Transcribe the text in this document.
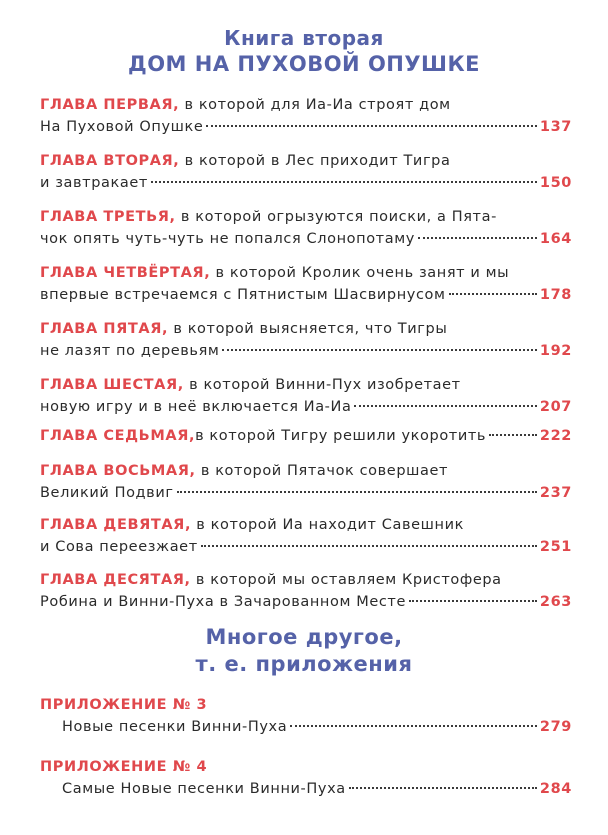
Книга вторая
ДОМ НА ПУХОВОЙ ОПУШКЕ
ГЛАВА ПЕРВАЯ, в которой для Иа-Иа строят дом
На Пуховой Опушке	137
ГЛАВА ВТОРАЯ, в которой в Лес приходит Тигра
и завтракает	150
ГЛАВА ТРЕТЬЯ, в которой огрызуются поиски, а Пята-
чок опять чуть-чуть не попался Слонопотаму	164
ГЛАВА ЧЕТВЁРТАЯ, в которой Кролик очень занят и мы
впервые встречаемся с Пятнистым Шасвирнусом	178
ГЛАВА ПЯТАЯ, в которой выясняется, что Тигры
не лазят по деревьям	192
ГЛАВА ШЕСТАЯ, в которой Винни-Пух изобретает
новую игру и в неё включается Иа-Иа	207
ГЛАВА СЕДЬМАЯ, в которой Тигру решили укоротить	222
ГЛАВА ВОСЬМАЯ, в которой Пятачок совершает
Великий Подвиг	237
ГЛАВА ДЕВЯТАЯ, в которой Иа находит Савешник
и Сова переезжает	251
ГЛАВА ДЕСЯТАЯ, в которой мы оставляем Кристофера
Робина и Винни-Пуха в Зачарованном Месте	263
Многое другое,
т. е. приложения
ПРИЛОЖЕНИЕ № 3
Новые песенки Винни-Пуха	279
ПРИЛОЖЕНИЕ № 4
Самые Новые песенки Винни-Пуха	284
